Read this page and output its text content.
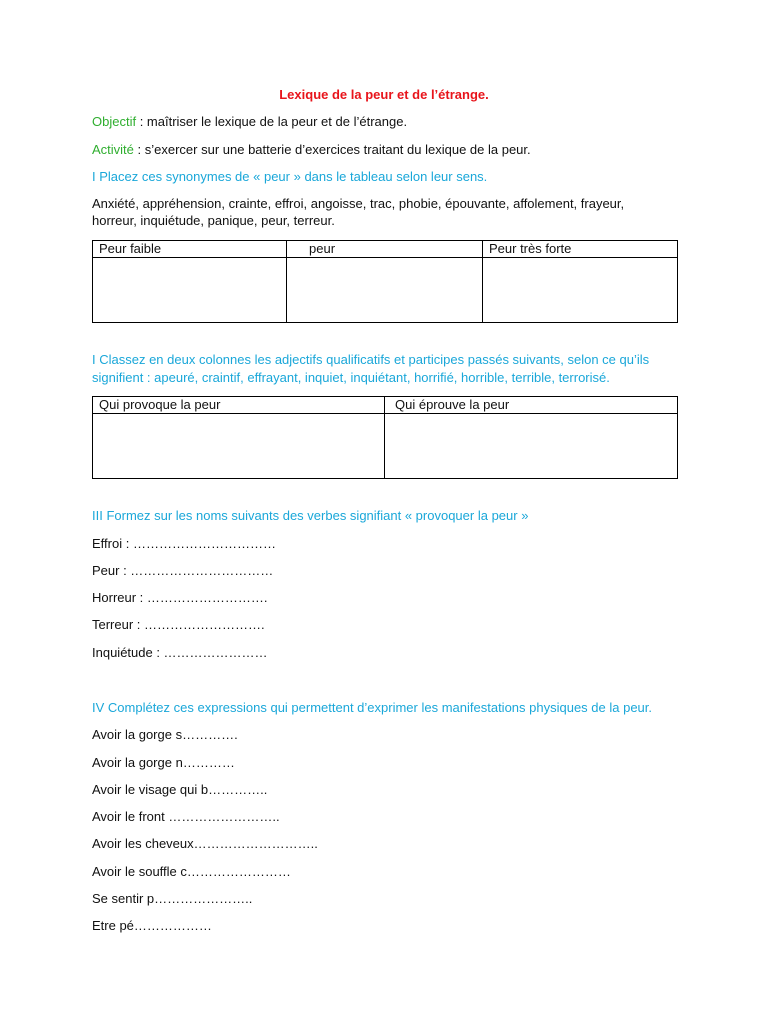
Lexique de la peur et de l’étrange.
Objectif : maîtriser le lexique de la peur et de l’étrange.
Activité : s’exercer sur une batterie d’exercices traitant du lexique de la peur.
I Placez ces synonymes de « peur » dans le tableau selon leur sens.
Anxiété, appréhension, crainte, effroi, angoisse, trac, phobie, épouvante, affolement, frayeur,
horreur, inquiétude, panique, peur, terreur.
Peur faible	peur	Peur très forte

I Classez en deux colonnes les adjectifs qualificatifs et participes passés suivants, selon ce qu’ils
signifient : apeuré, craintif, effrayant, inquiet, inquiétant, horrifié, horrible, terrible, terrorisé.
Qui provoque la peur	Qui éprouve la peur

III Formez sur les noms suivants des verbes signifiant « provoquer la peur »
Effroi : ……………………………
Peur : ……………………………
Horreur : ……………………….
Terreur : ……………………….
Inquiétude : ……………………
IV Complétez ces expressions qui permettent d’exprimer les manifestations physiques de la peur.
Avoir la gorge s………….
Avoir la gorge n…………
Avoir le visage qui b…………..
Avoir le front ……………………..
Avoir les cheveux………………………..
Avoir le souffle c……………………
Se sentir p…………………..
Etre pé………………
